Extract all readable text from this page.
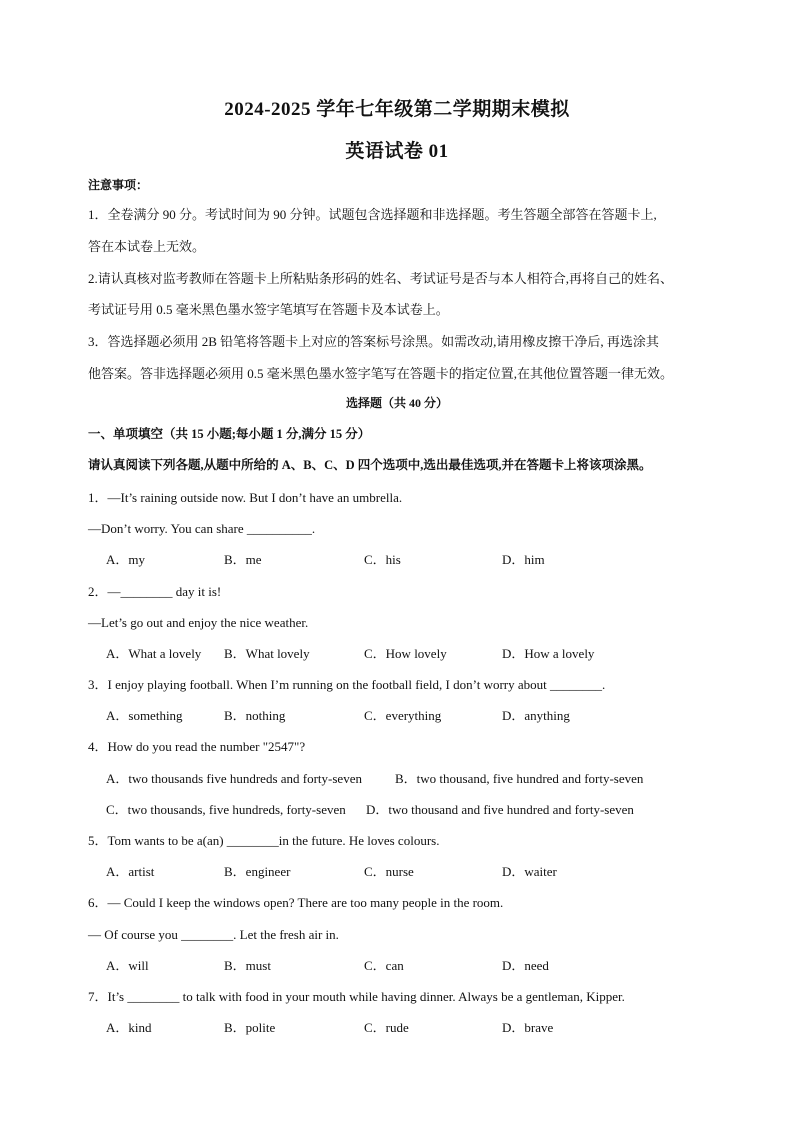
2024-2025 学年七年级第二学期期末模拟
英语试卷 01
注意事项：
1．全卷满分 90 分。考试时间为 90 分钟。试题包含选择题和非选择题。考生答题全部答在答题卡上,
答在本试卷上无效。
2.请认真核对监考教师在答题卡上所粘贴条形码的姓名、考试证号是否与本人相符合,再将自己的姓名、
考试证号用 0.5 毫米黑色墨水签字笔填写在答题卡及本试卷上。
3．答选择题必须用 2B 铅笔将答题卡上对应的答案标号涂黑。如需改动,请用橡皮擦干净后, 再选涂其
他答案。答非选择题必须用 0.5 毫米黑色墨水签字笔写在答题卡的指定位置,在其他位置答题一律无效。
选择题（共 40 分）
一、单项填空（共 15 小题;每小题 1 分,满分 15 分）
请认真阅读下列各题,从题中所给的 A、B、C、D 四个选项中,选出最佳选项,并在答题卡上将该项涂黑。
1．—It’s raining outside now. But I don’t have an umbrella.
—Don’t worry. You can share __________.
A．my	B．me	C．his	D．him
2．—________ day it is!
—Let’s go out and enjoy the nice weather.
A．What a lovely B．What lovely	C．How lovely	D．How a lovely
3．I enjoy playing football. When I’m running on the football field, I don’t worry about ________.
A．something	B．nothing	C．everything	D．anything
4．How do you read the number "2547"?
A．two thousands five hundreds and forty-seven	B．two thousand, five hundred and forty-seven
C．two thousands, five hundreds, forty-seven D．two thousand and five hundred and forty-seven
5．Tom wants to be a(an) ________in the future. He loves colours.
A．artist	B．engineer	C．nurse	D．waiter
6．— Could I keep the windows open? There are too many people in the room.
— Of course you ________. Let the fresh air in.
A．will	B．must	C．can	D．need
7．It’s ________ to talk with food in your mouth while having dinner. Always be a gentleman, Kipper.
A．kind	B．polite	C．rude	D．brave
